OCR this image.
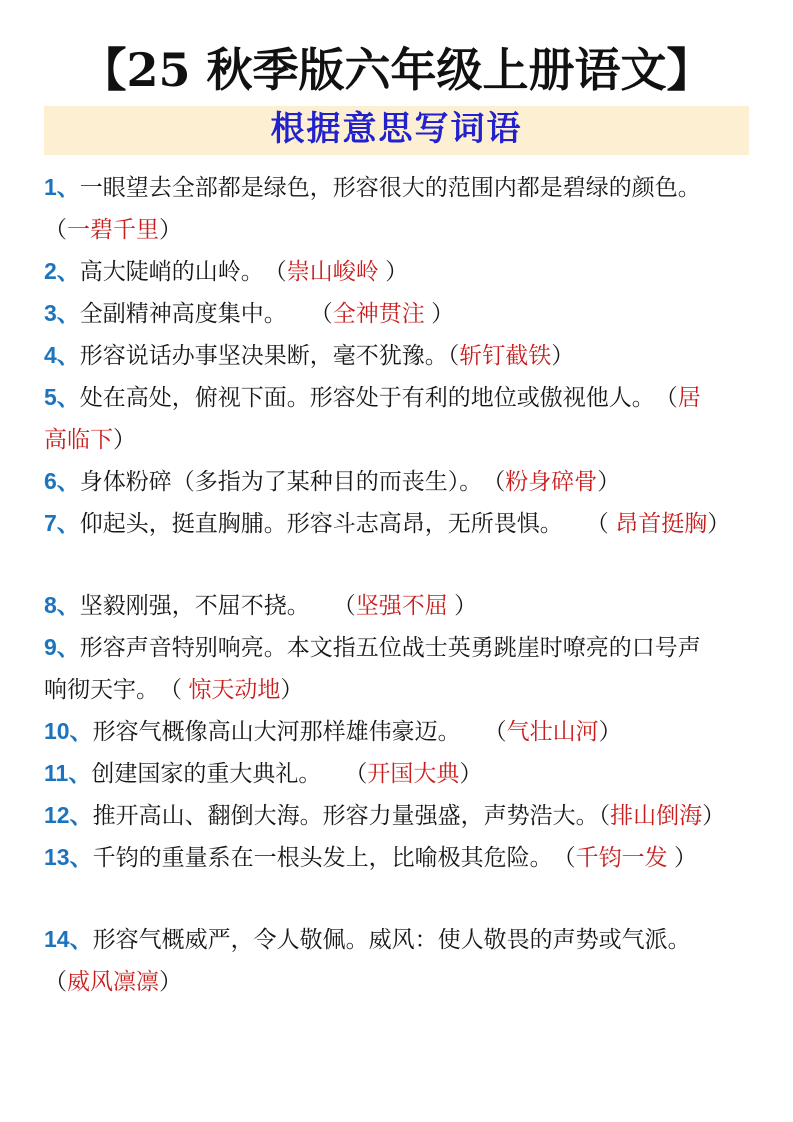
【25 秋季版六年级上册语文】
根据意思写词语

1、一眼望去全部都是绿色，形容很大的范围内都是碧绿的颜色。
（一碧千里）

2、高大陡峭的山岭。　（崇山峻岭 ）

3、全副精神高度集中。　　（全神贯注 ）

4、形容说话办事坚决果断，毫不犹豫。（斩钉截铁）

5、处在高处，俯视下面。形容处于有利的地位或傲视他人。　（居
高临下）

6、身体粉碎（多指为了某种目的而丧生）。　（粉身碎骨）

7、仰起头，挺直胸脯。形容斗志高昂，无所畏惧。　　（ 昂首挺胸）

8、坚毅刚强，不屈不挠。　　（坚强不屈 ）

9、形容声音特别响亮。本文指五位战士英勇跳崖时嘹亮的口号声
响彻天宇。　（ 惊天动地）

10、形容气概像高山大河那样雄伟豪迈。　　（气壮山河）

11、创建国家的重大典礼。　　（开国大典）

12、推开高山、翻倒大海。形容力量强盛，声势浩大。（排山倒海）

13、千钧的重量系在一根头发上，比喻极其危险。　（千钧一发 ）

14、形容气概威严，令人敬佩。威风：使人敬畏的声势或气派。
（威风凛凛）
